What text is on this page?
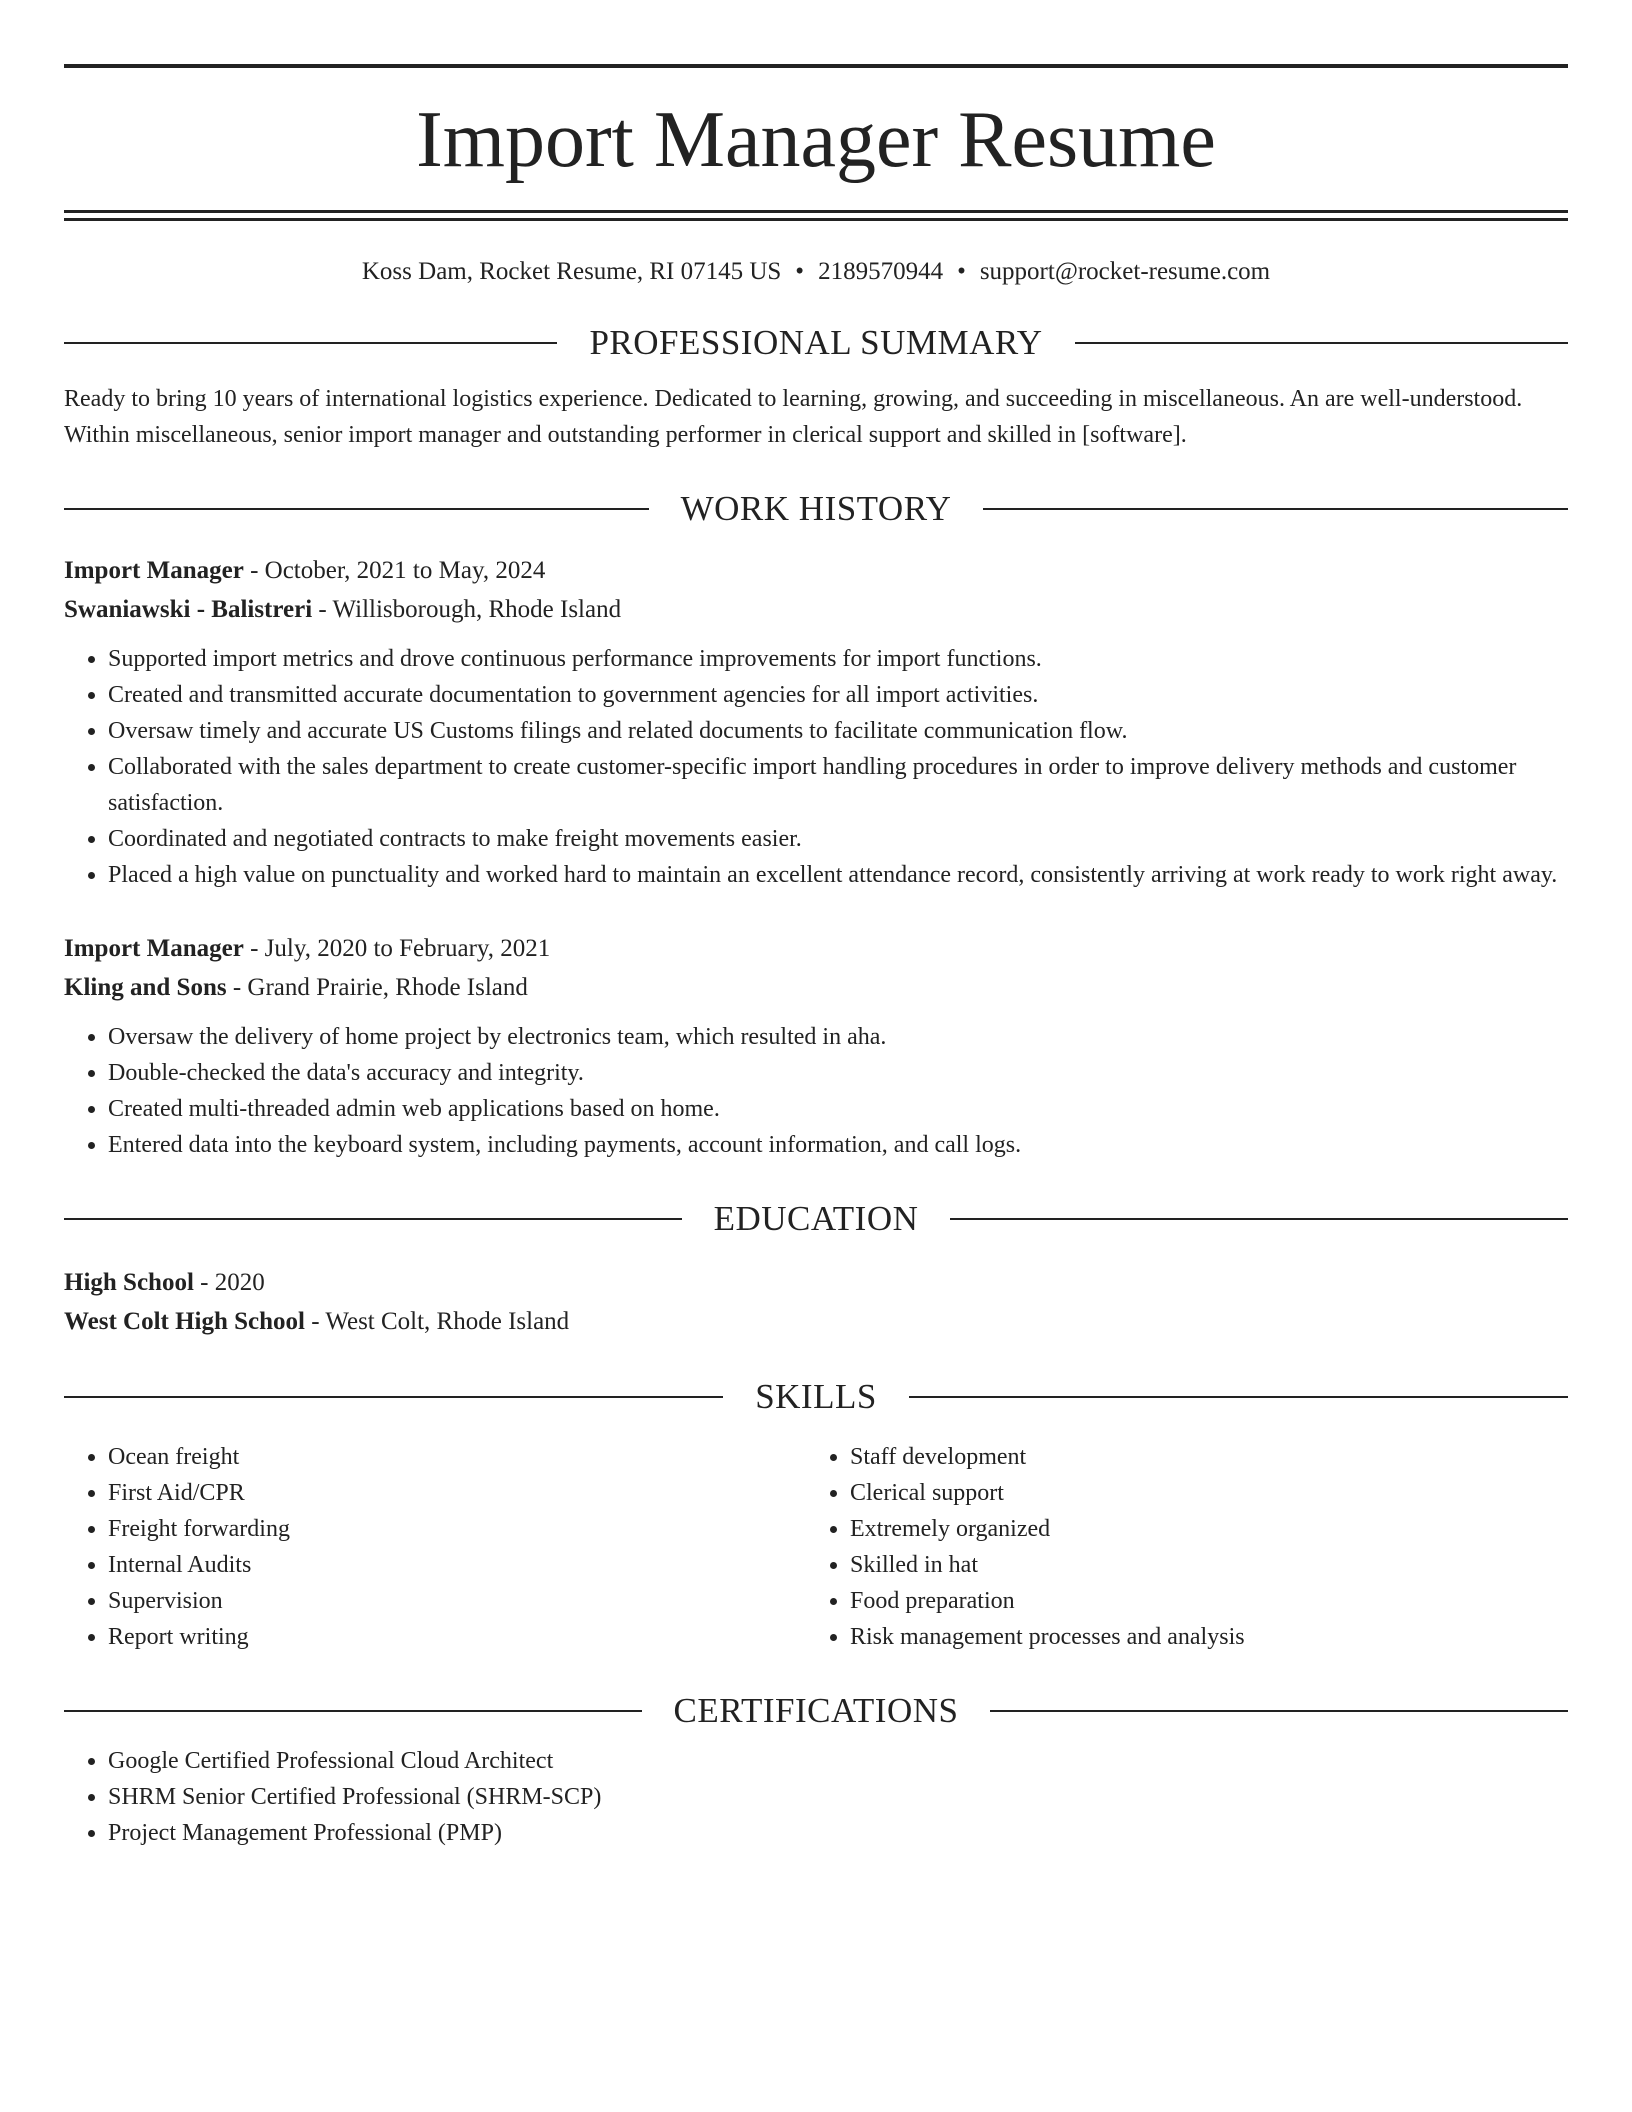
Import Manager Resume
Koss Dam, Rocket Resume, RI 07145 US • 2189570944 • support@rocket-resume.com
PROFESSIONAL SUMMARY
Ready to bring 10 years of international logistics experience. Dedicated to learning, growing, and succeeding in miscellaneous. An are well-understood. Within miscellaneous, senior import manager and outstanding performer in clerical support and skilled in [software].
WORK HISTORY
Import Manager - October, 2021 to May, 2024
Swaniawski - Balistreri - Willisborough, Rhode Island
• Supported import metrics and drove continuous performance improvements for import functions.
• Created and transmitted accurate documentation to government agencies for all import activities.
• Oversaw timely and accurate US Customs filings and related documents to facilitate communication flow.
• Collaborated with the sales department to create customer-specific import handling procedures in order to improve delivery methods and customer satisfaction.
• Coordinated and negotiated contracts to make freight movements easier.
• Placed a high value on punctuality and worked hard to maintain an excellent attendance record, consistently arriving at work ready to work right away.
Import Manager - July, 2020 to February, 2021
Kling and Sons - Grand Prairie, Rhode Island
• Oversaw the delivery of home project by electronics team, which resulted in aha.
• Double-checked the data's accuracy and integrity.
• Created multi-threaded admin web applications based on home.
• Entered data into the keyboard system, including payments, account information, and call logs.
EDUCATION
High School - 2020
West Colt High School - West Colt, Rhode Island
SKILLS
• Ocean freight
• First Aid/CPR
• Freight forwarding
• Internal Audits
• Supervision
• Report writing
• Staff development
• Clerical support
• Extremely organized
• Skilled in hat
• Food preparation
• Risk management processes and analysis
CERTIFICATIONS
• Google Certified Professional Cloud Architect
• SHRM Senior Certified Professional (SHRM-SCP)
• Project Management Professional (PMP)
